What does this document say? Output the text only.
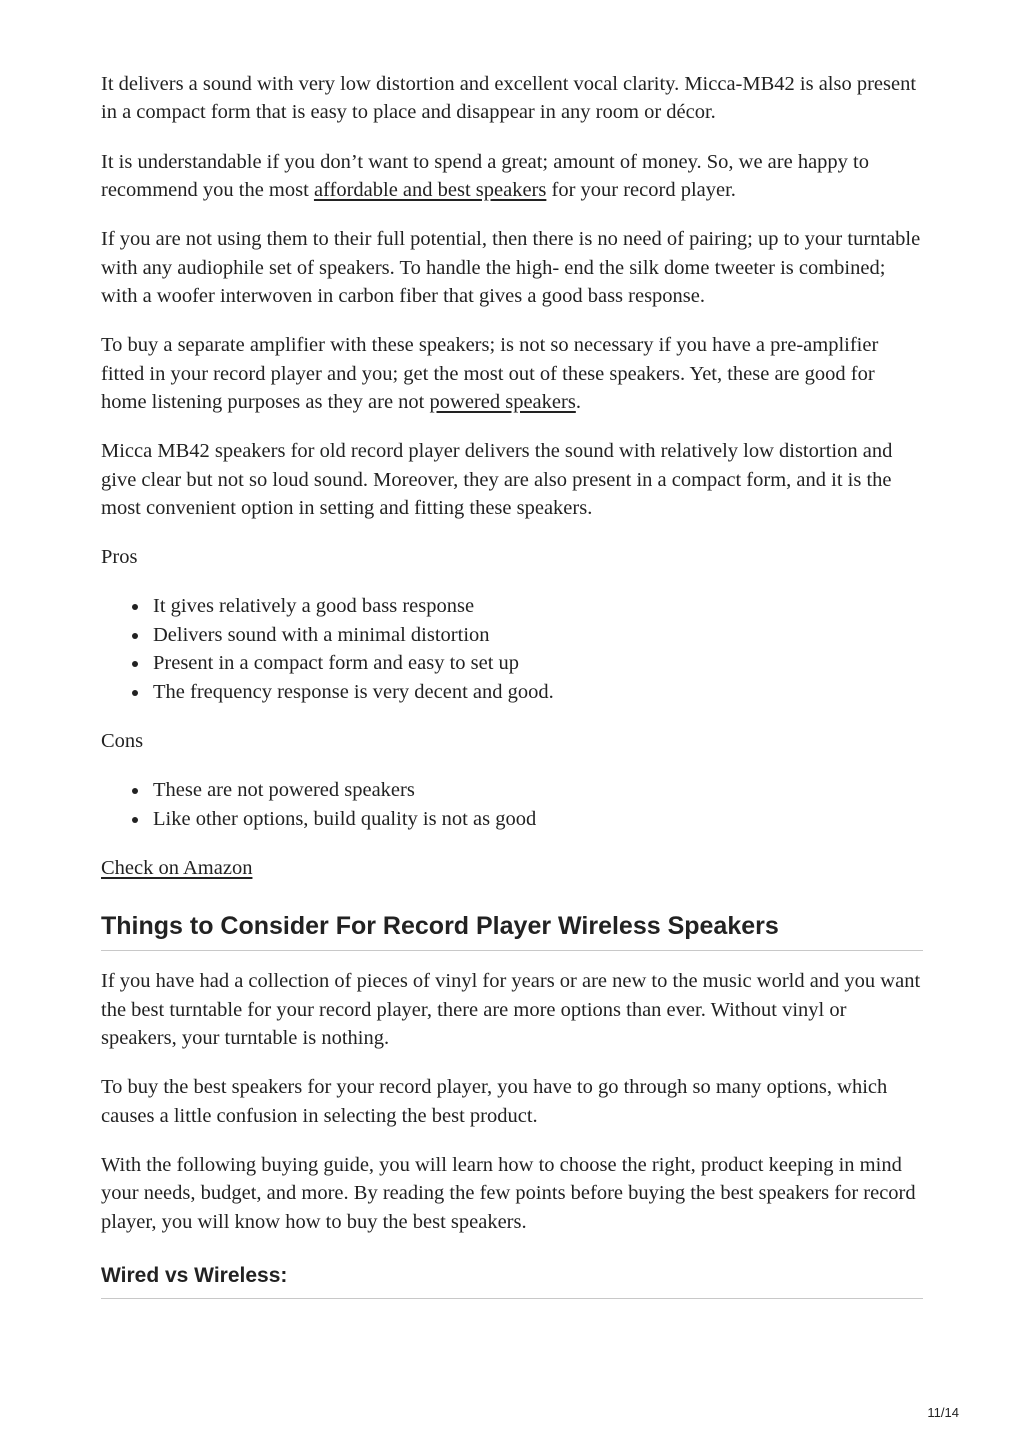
It delivers a sound with very low distortion and excellent vocal clarity. Micca-MB42 is also present in a compact form that is easy to place and disappear in any room or décor.

It is understandable if you don’t want to spend a great; amount of money. So, we are happy to recommend you the most affordable and best speakers for your record player.

If you are not using them to their full potential, then there is no need of pairing; up to your turntable with any audiophile set of speakers. To handle the high- end the silk dome tweeter is combined; with a woofer interwoven in carbon fiber that gives a good bass response.

To buy a separate amplifier with these speakers; is not so necessary if you have a pre-amplifier fitted in your record player and you; get the most out of these speakers. Yet, these are good for home listening purposes as they are not powered speakers.

Micca MB42 speakers for old record player delivers the sound with relatively low distortion and give clear but not so loud sound. Moreover, they are also present in a compact form, and it is the most convenient option in setting and fitting these speakers.

Pros

It gives relatively a good bass response
Delivers sound with a minimal distortion
Present in a compact form and easy to set up
The frequency response is very decent and good.

Cons

These are not powered speakers
Like other options, build quality is not as good

Check on Amazon

Things to Consider For Record Player Wireless Speakers

If you have had a collection of pieces of vinyl for years or are new to the music world and you want the best turntable for your record player, there are more options than ever. Without vinyl or speakers, your turntable is nothing.

To buy the best speakers for your record player, you have to go through so many options, which causes a little confusion in selecting the best product.

With the following buying guide, you will learn how to choose the right, product keeping in mind your needs, budget, and more. By reading the few points before buying the best speakers for record player, you will know how to buy the best speakers.

Wired vs Wireless:
11/14
